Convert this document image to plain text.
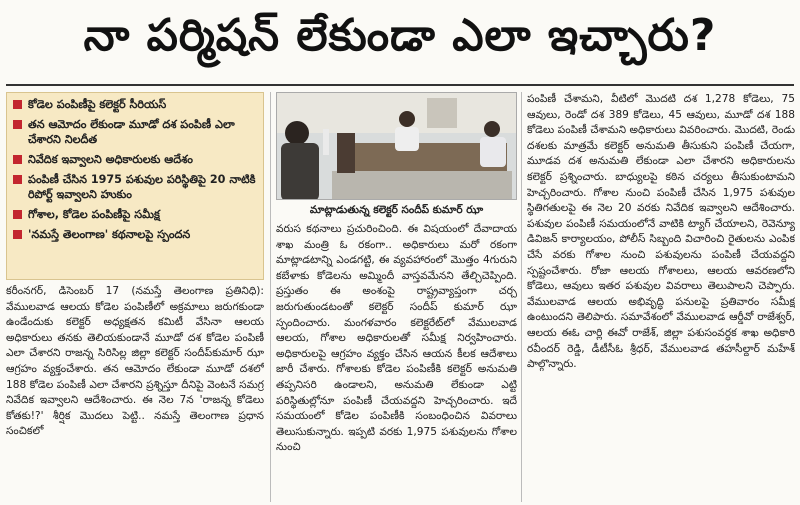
నా పర్మిషన్ లేకుండా ఎలా ఇచ్చారు?
కోడెల పంపిణీపై కలెక్టర్ సీరియస్
తన ఆమోదం లేకుండా మూడో దశ పంపిణీ ఎలా చేశారని నిలదీత
నివేదిక ఇవ్వాలని అధికారులకు ఆదేశం
పంపిణీ చేసిన 1975 పశువుల పరిస్థితిపై 20 నాటికి రిపోర్ట్ ఇవ్వాలని హుకుం
గోశాల, కోడెల పంపిణీపై సమీక్ష
'నమస్తే తెలంగాణ' కథనాలపై స్పందన
మాట్లాడుతున్న కలెక్టర్ సందీప్ కుమార్ ఝా
కరీంనగర్, డిసెంబర్ 17 (నమస్తే తెలంగాణ ప్రతినిధి): వేములవాడ ఆలయ కోడెల పంపిణీలో అక్రమాలు జరుగకుండా ఉండేందుకు కలెక్టర్ అధ్యక్షతన కమిటీ వేసినా ఆలయ అధికారులు తనకు తెలియకుండానే మూడో దశ కోడెల పంపిణీ ఎలా చేశారని రాజన్న సిరిసిల్ల జిల్లా కలెక్టర్ సందీప్‌కుమార్ ఝా ఆగ్రహం వ్యక్తంచేశారు. తన ఆమోదం లేకుండా మూడో దశలో 188 కోడెల పంపిణీ ఎలా చేశారని ప్రశ్నిస్తూ దీనిపై వెంటనే సమగ్ర నివేదిక ఇవ్వాలని ఆదేశించారు. ఈ నెల 7న 'రాజన్న కోడెలు కోతకు!?' శీర్షిక మొదలు పెట్టి.. నమస్తే తెలంగాణ ప్రధాన సంచికలో
వరుస కథనాలు ప్రచురించింది. ఈ విషయంలో దేవాదాయ శాఖ మంత్రి ఓ రకంగా.. అధికారులు మరో రకంగా మాట్లాడటాన్ని ఎండగట్టి, ఈ వ్యవహారంలో మొత్తం 4గురుని కబేళాకు కోడెలను అమ్మిందీ వాస్తవమేనని తేల్చిచెప్పింది. ప్రస్తుతం ఈ అంశంపై రాష్ట్రవ్యాప్తంగా చర్చ జరుగుతుండటంతో కలెక్టర్ సందీప్ కుమార్ ఝా స్పందించారు. మంగళవారం కలెక్టరేట్‌లో వేములవాడ ఆలయ, గోశాల అధికారులతో సమీక్ష నిర్వహించారు. అధికారులపై ఆగ్రహం వ్యక్తం చేసిన ఆయన కీలక ఆదేశాలు జారీ చేశారు. గోశాలకు కోడెల పంపిణీకి కలెక్టర్ అనుమతి తప్పనిసరి ఉండాలని, అనుమతి లేకుండా ఎట్టి పరిస్థితుల్లోనూ పంపిణీ చేయవద్దని హెచ్చరించారు. ఇదే సమయంలో కోడెల పంపిణీకి సంబంధించిన వివరాలు తెలుసుకున్నారు. ఇప్పటి వరకు 1,975 పశువులను గోశాల నుంచి
పంపిణీ చేశామని, వీటిలో మొదటి దశ 1,278 కోడెలు, 75 ఆవులు, రెండో దశ 389 కోడెలు, 45 ఆవులు, మూడో దశ 188 కోడెలు పంపిణీ చేశామని అధికారులు వివరించారు. మొదటి, రెండు దశలకు మాత్రమే కలెక్టర్ అనుమతి తీసుకుని పంపిణీ చేయగా, మూడవ దశ అనుమతి లేకుండా ఎలా చేశారని అధికారులను కలెక్టర్ ప్రశ్నించారు. బాధ్యులపై కఠిన చర్యలు తీసుకుంటామని హెచ్చరించారు. గోశాల నుంచి పంపిణీ చేసిన 1,975 పశువుల స్థితిగతులపై ఈ నెల 20 వరకు నివేదిక ఇవ్వాలని ఆదేశించారు. పశువుల పంపిణీ సమయంలోనే వాటికి ట్యాగ్ చేయాలని, రెవెన్యూ డివిజన్ కార్యాలయం, పోలీస్ సిబ్బంది విచారించి రైతులను ఎంపిక చేసే వరకు గోశాల నుంచి పశువులను పంపిణీ చేయవద్దని స్పష్టంచేశారు. రోజా ఆలయ గోశాలలు, ఆలయ ఆవరణలోని కోడెలు, ఆవులు ఇతర పశువుల వివరాలు తెలుపాలని చెప్పారు. వేములవాడ ఆలయ అభివృద్ధి పనులపై ప్రతివారం సమీక్ష ఉంటుందని తెలిపారు. సమావేశంలో వేములవాడ ఆర్డీవో రాజేశ్వర్, ఆలయ ఈఓ చార్లి ఈవో రాజేశ్, జిల్లా పశుసంవర్ధక శాఖ అధికారి రవీందర్ రెడ్డి, డీటీసీఓ శ్రీధర్, వేములవాడ తహసీల్దార్ మహేశ్ పాల్గొన్నారు.
